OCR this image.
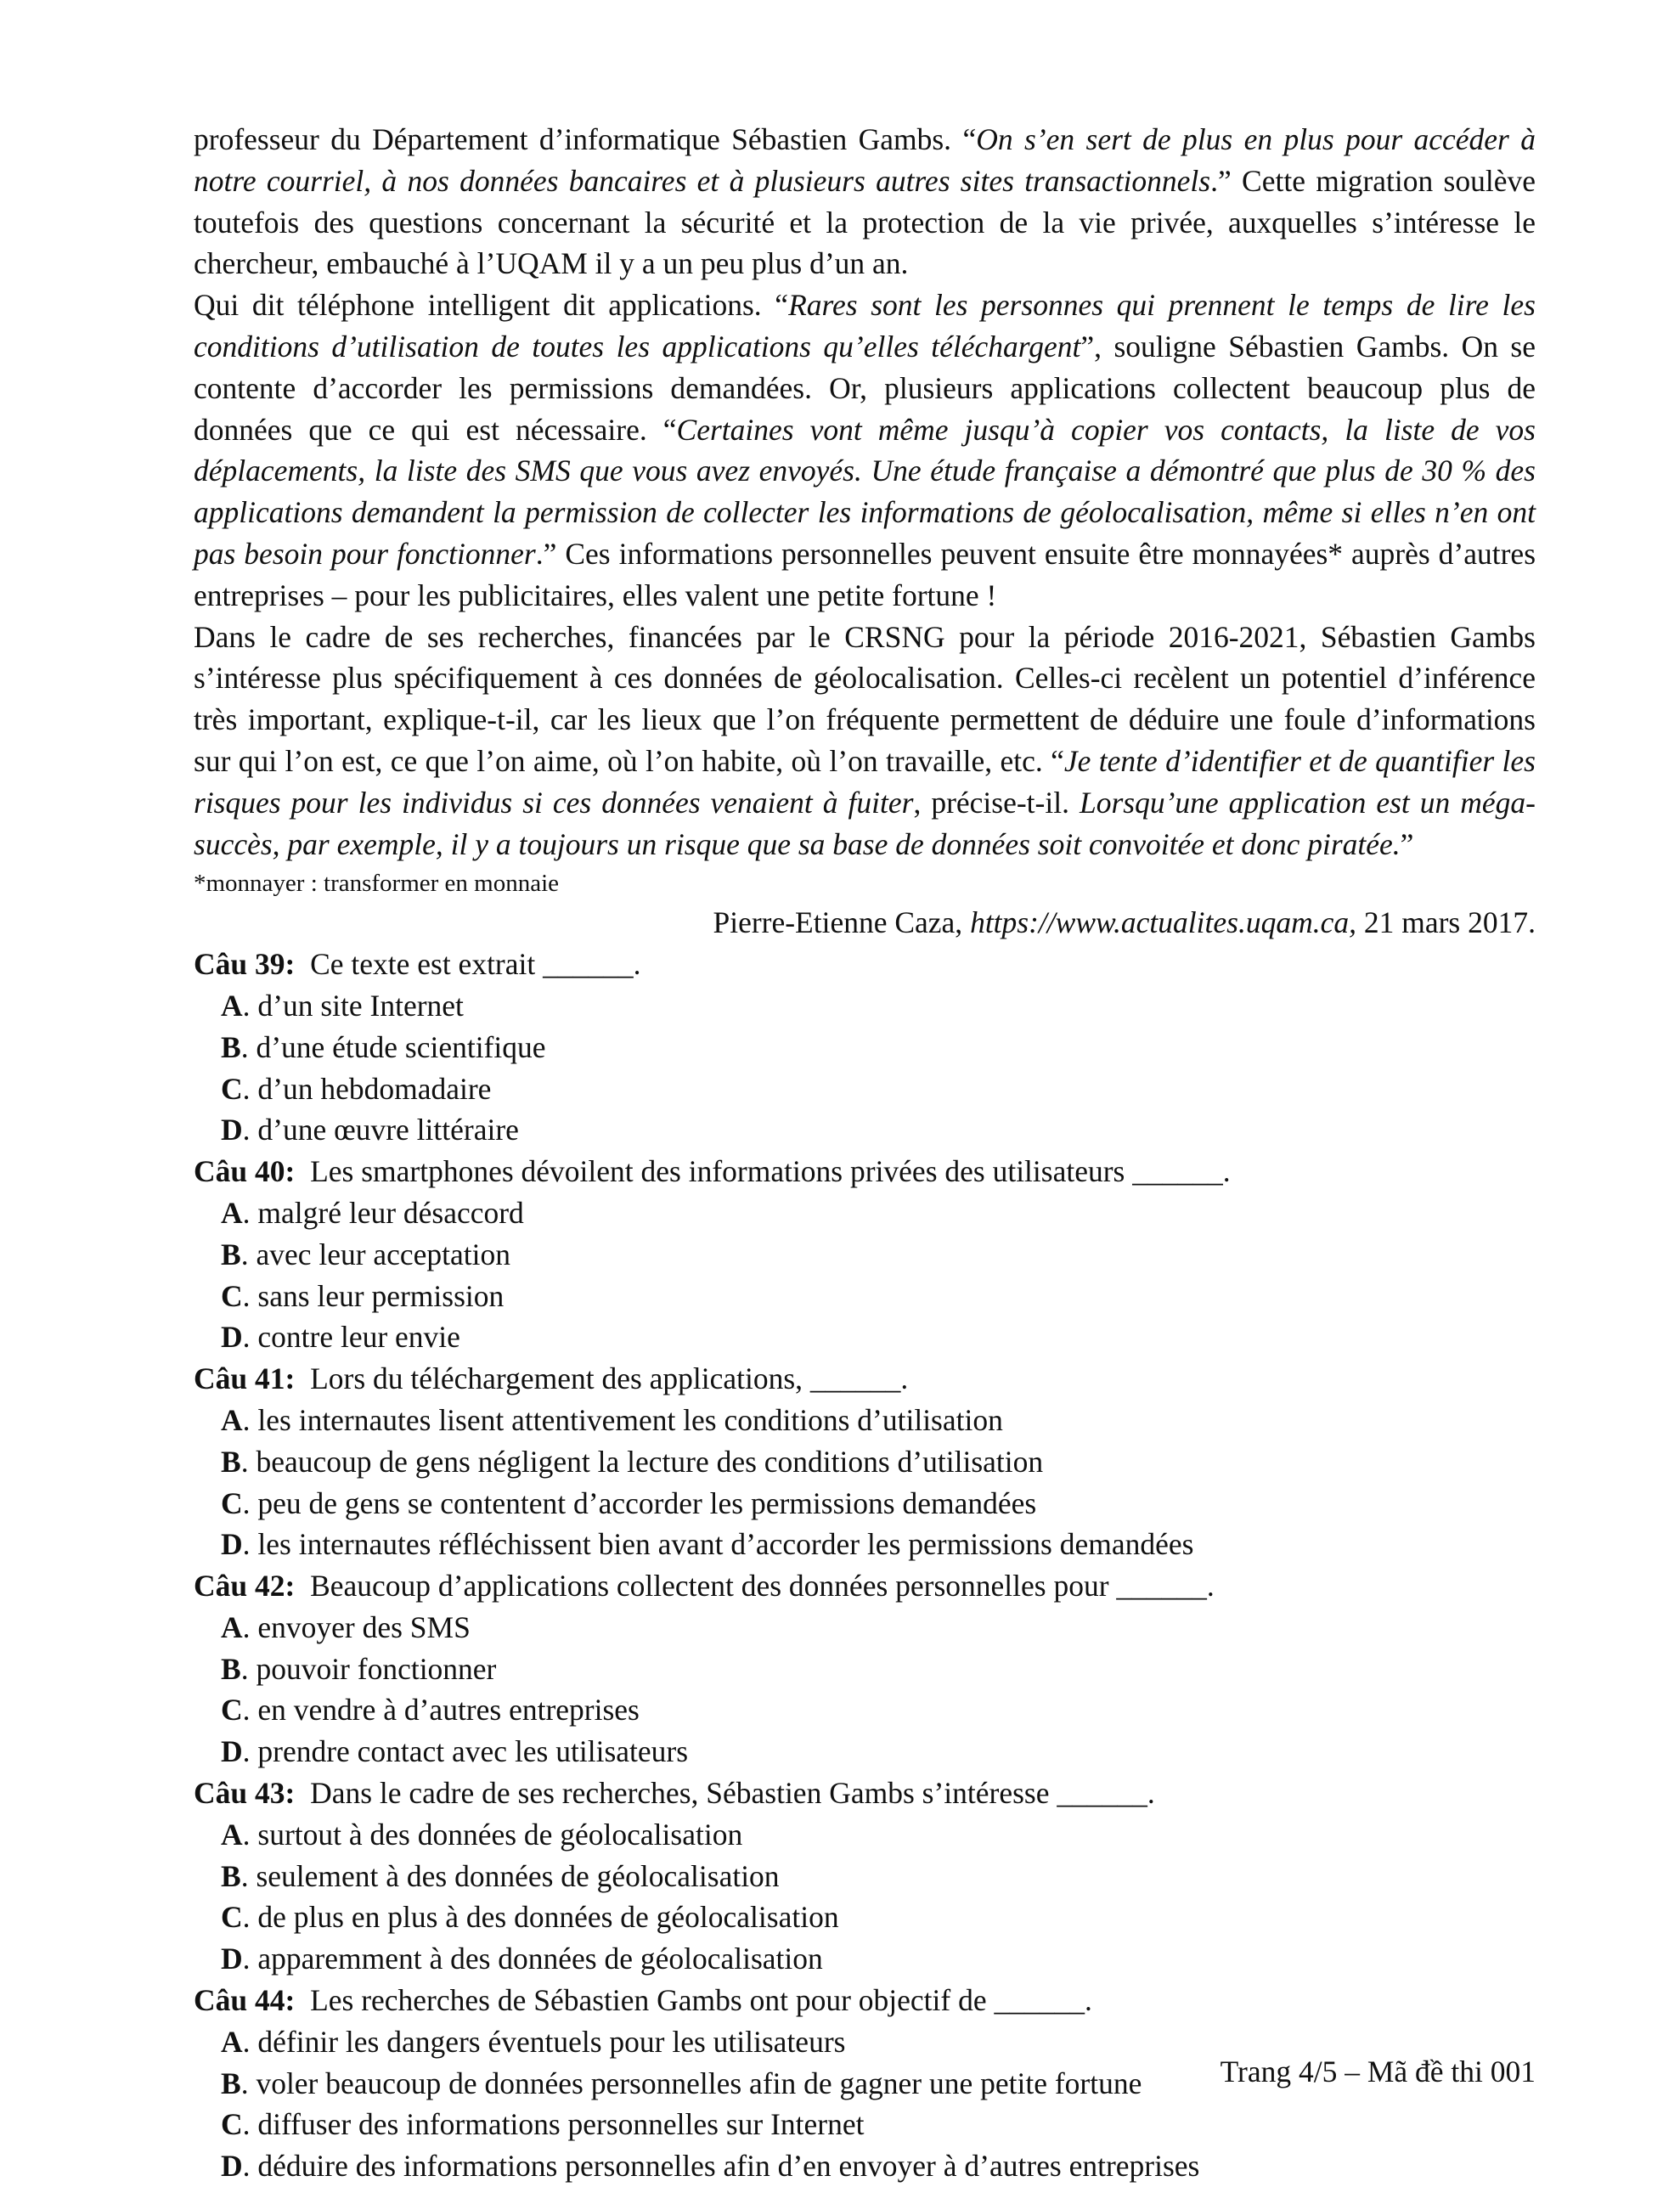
professeur du Département d’informatique Sébastien Gambs. “On s’en sert de plus en plus pour accéder à notre courriel, à nos données bancaires et à plusieurs autres sites transactionnels.” Cette migration soulève toutefois des questions concernant la sécurité et la protection de la vie privée, auxquelles s’intéresse le chercheur, embauché à l’UQAM il y a un peu plus d’un an.

Qui dit téléphone intelligent dit applications. “Rares sont les personnes qui prennent le temps de lire les conditions d’utilisation de toutes les applications qu’elles téléchargent”, souligne Sébastien Gambs. On se contente d’accorder les permissions demandées. Or, plusieurs applications collectent beaucoup plus de données que ce qui est nécessaire. “Certaines vont même jusqu’à copier vos contacts, la liste de vos déplacements, la liste des SMS que vous avez envoyés. Une étude française a démontré que plus de 30 % des applications demandent la permission de collecter les informations de géolocalisation, même si elles n’en ont pas besoin pour fonctionner.” Ces informations personnelles peuvent ensuite être monnayées* auprès d’autres entreprises – pour les publicitaires, elles valent une petite fortune !

Dans le cadre de ses recherches, financées par le CRSNG pour la période 2016-2021, Sébastien Gambs s’intéresse plus spécifiquement à ces données de géolocalisation. Celles-ci recèlent un potentiel d’inférence très important, explique-t-il, car les lieux que l’on fréquente permettent de déduire une foule d’informations sur qui l’on est, ce que l’on aime, où l’on habite, où l’on travaille, etc. “Je tente d’identifier et de quantifier les risques pour les individus si ces données venaient à fuiter, précise-t-il. Lorsqu’une application est un méga-succès, par exemple, il y a toujours un risque que sa base de données soit convoitée et donc piratée.”

*monnayer : transformer en monnaie

Pierre-Etienne Caza, https://www.actualites.uqam.ca, 21 mars 2017.

Câu 39: Ce texte est extrait ______.

A. d’un site Internet
B. d’une étude scientifique
C. d’un hebdomadaire
D. d’une œuvre littéraire

Câu 40: Les smartphones dévoilent des informations privées des utilisateurs ______.

A. malgré leur désaccord
B. avec leur acceptation
C. sans leur permission
D. contre leur envie

Câu 41: Lors du téléchargement des applications, ______.

A. les internautes lisent attentivement les conditions d’utilisation
B. beaucoup de gens négligent la lecture des conditions d’utilisation
C. peu de gens se contentent d’accorder les permissions demandées
D. les internautes réfléchissent bien avant d’accorder les permissions demandées

Câu 42: Beaucoup d’applications collectent des données personnelles pour ______.

A. envoyer des SMS
B. pouvoir fonctionner
C. en vendre à d’autres entreprises
D. prendre contact avec les utilisateurs

Câu 43: Dans le cadre de ses recherches, Sébastien Gambs s’intéresse ______.

A. surtout à des données de géolocalisation
B. seulement à des données de géolocalisation
C. de plus en plus à des données de géolocalisation
D. apparemment à des données de géolocalisation

Câu 44: Les recherches de Sébastien Gambs ont pour objectif de ______.

A. définir les dangers éventuels pour les utilisateurs
B. voler beaucoup de données personnelles afin de gagner une petite fortune
C. diffuser des informations personnelles sur Internet
D. déduire des informations personnelles afin d’en envoyer à d’autres entreprises
Trang 4/5 – Mã đề thi 001
